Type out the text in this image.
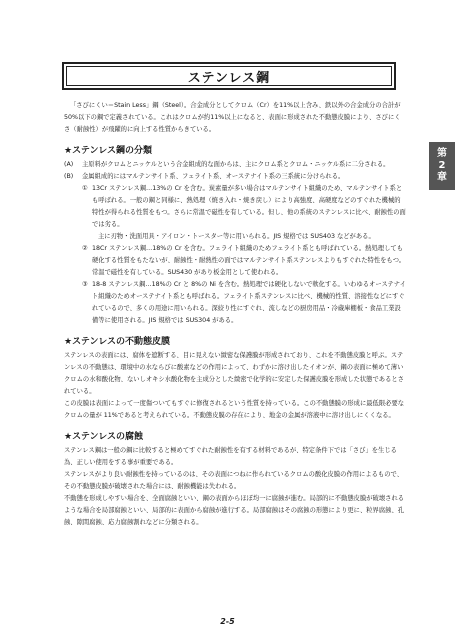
ステンレス鋼
第
2
章

「さびにくい＝Stain Less」鋼（Steel）。合金成分としてクロム（Cr）を11%以上含み、鉄以外の合金成分の合計が50%以下の鋼で定義されている。これはクロムが約11%以上になると、表面に形成された不動態皮膜により、さびにくさ（耐蝕性）が飛躍的に向上する性質からきている。

★ステンレス鋼の分類
(A)	主原料がクロムとニッケルという合金組成的な面からは、主にクロム系とクロム・ニッケル系に二分される。
(B)	金属組成的にはマルテンサイト系、フェライト系、オーステナイト系の三系統に分けられる。
① 13Cr ステンレス鋼…13%の Cr を含む。炭素量が多い場合はマルテンサイト組織のため、マルテンサイト系とも呼ばれる。一般の鋼と同様に、熱処理（焼き入れ・焼き戻し）により高強度、高硬度などのすぐれた機械的特性が得られる性質をもつ。さらに常温で磁性を有している。但し、他の系統のステンレスに比べ、耐蝕性の面では劣る。

主に刃物・洗面用具・アイロン・トースター等に用いられる。JIS 規格では SUS403 などがある。

② 18Cr ステンレス鋼…18%の Cr を含む。フェライト組織のためフェライト系とも呼ばれている。熱処理しても硬化する性質をもたないが、耐蝕性・耐熱性の面ではマルテンサイト系ステンレスよりもすぐれた特性をもつ。常温で磁性を有している。SUS430 があり板金用として使われる。
③ 18-8 ステンレス鋼…18%の Cr と 8%の Ni を含む。熱処理では硬化しないで軟化する。いわゆるオーステナイト組織のためオーステナイト系とも呼ばれる。フェライト系ステンレスに比べ、機械的性質、溶接性などにすぐれているので、多くの用途に用いられる。深絞り性にすぐれ、流しなどの厨房用品・冷蔵庫棚板・食品工業設備等に使用される。JIS 規格では SUS304 がある。
★ステンレスの不動態皮膜

ステンレスの表面には、腐体を遮断する、目に見えない緻密な保護膜が形成されており、これを不動態皮膜と呼ぶ。ステンレスの不動態は、環境中の水ならびに酸素などの作用によって、わずかに溶け出したイオンが、鋼の表面に極めて薄いクロムの水和酸化物、ないしオキシ水酸化物を主成分とした緻密で化学的に安定した保護皮膜を形成した状態であるとされている。

この皮膜は表面によって一度傷ついてもすぐに修復されるという性質を持っている。この不動態膜の形成に最低限必要なクロムの量が 11%であると考えられている。不動態皮膜の存在により、地金の金属が溶液中に溶け出しにくくなる。

★ステンレスの腐蝕

ステンレス鋼は一般の鋼に比較すると極めてすぐれた耐蝕性を有する材料であるが、特定条件下では「さび」を生じる為、正しい使用をする事が重要である。

ステンレスがより良い耐蝕性を持っているのは、その表面につねに作られているクロムの酸化皮膜の作用によるもので、その不動態皮膜が破壊された場合には、耐蝕機能は失われる。

不動態を形成しやすい場合を、全面腐蝕といい、鋼の表面からほぼ均一に腐蝕が進む。局部的に不動態皮膜が破壊されるような場合を局部腐蝕といい、局部的に表面から腐蝕が進行する。局部腐蝕はその腐蝕の形態により更に、粒界腐蝕、孔蝕、隙間腐蝕、応力腐蝕割れなどに分類される。

2-5
